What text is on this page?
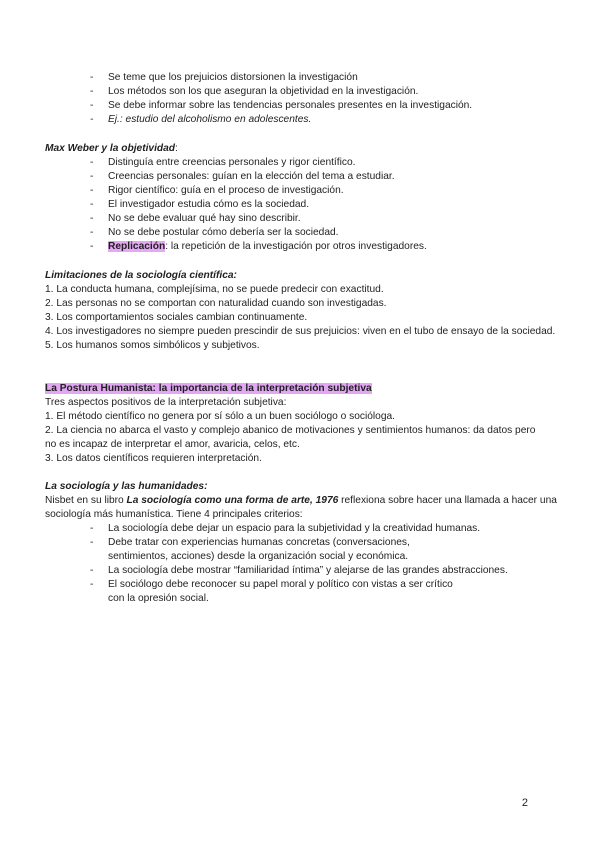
- Se teme que los prejuicios distorsionen la investigación
- Los métodos son los que aseguran la objetividad en la investigación.
- Se debe informar sobre las tendencias personales presentes en la investigación.
- Ej.: estudio del alcoholismo en adolescentes.

Max Weber y la objetividad:

- Distinguía entre creencias personales y rigor científico.
- Creencias personales: guían en la elección del tema a estudiar.
- Rigor científico: guía en el proceso de investigación.
- El investigador estudia cómo es la sociedad.
- No se debe evaluar qué hay sino describir.
- No se debe postular cómo debería ser la sociedad.
- Replicación: la repetición de la investigación por otros investigadores.

Limitaciones de la sociología científica:

1. La conducta humana, complejísima, no se puede predecir con exactitud.

2. Las personas no se comportan con naturalidad cuando son investigadas.

3. Los comportamientos sociales cambian continuamente.

4. Los investigadores no siempre pueden prescindir de sus prejuicios: viven en el tubo de ensayo de la sociedad.

5. Los humanos somos simbólicos y subjetivos.

La Postura Humanista: la importancia de la interpretación subjetiva

Tres aspectos positivos de la interpretación subjetiva:

1. El método científico no genera por sí sólo a un buen sociólogo o socióloga.

2. La ciencia no abarca el vasto y complejo abanico de motivaciones y sentimientos humanos: da datos pero no es incapaz de interpretar el amor, avaricia, celos, etc.

3. Los datos científicos requieren interpretación.

La sociología y las humanidades:

Nisbet en su libro La sociología como una forma de arte, 1976 reflexiona sobre hacer una llamada a hacer una sociología más humanística. Tiene 4 principales criterios:

- La sociología debe dejar un espacio para la subjetividad y la creatividad humanas.
- Debe tratar con experiencias humanas concretas (conversaciones, sentimientos, acciones) desde la organización social y económica.
- La sociología debe mostrar “familiaridad íntima” y alejarse de las grandes abstracciones.
- El sociólogo debe reconocer su papel moral y político con vistas a ser crítico con la opresión social.
2
